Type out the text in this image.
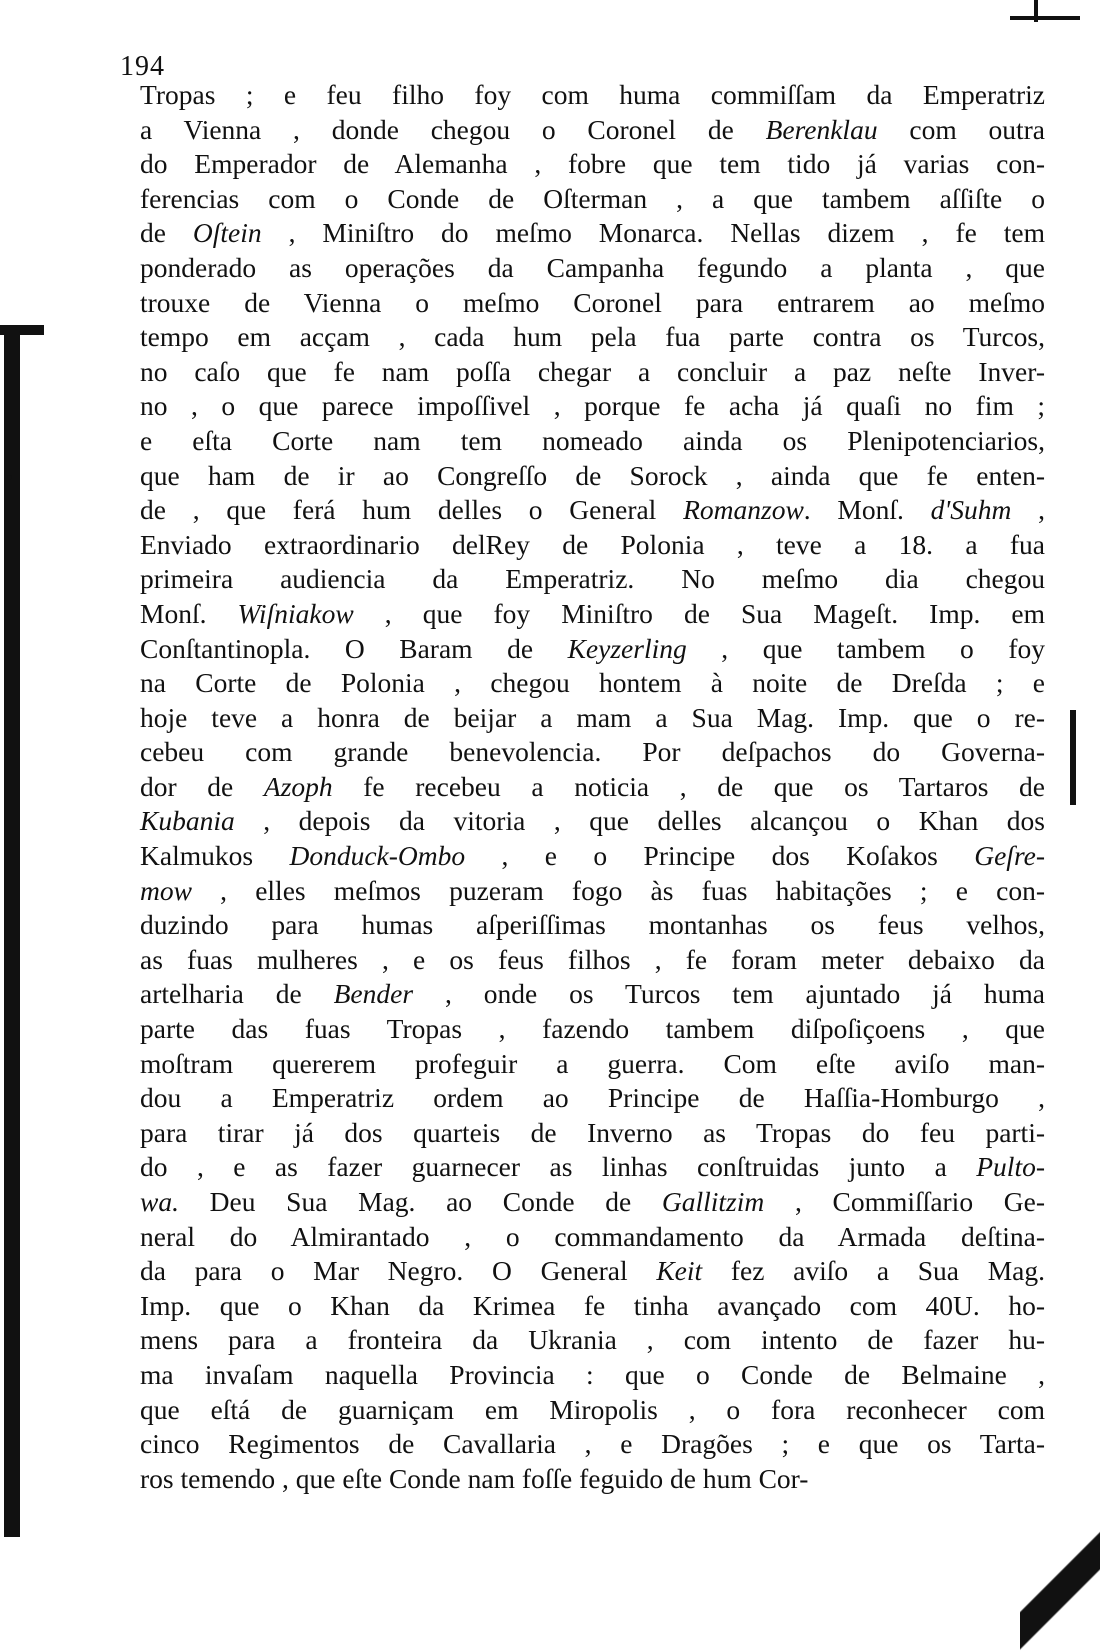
194
Tropas ; e feu filho foy com huma commiſſam da Emperatriz
a Vienna , donde chegou o Coronel de Berenklau com outra
do Emperador de Alemanha , fobre que tem tido já varias con-
ferencias com o Conde de Oſterman , a que tambem aſſiſte o
de Oſtein , Miniſtro do meſmo Monarca. Nellas dizem , fe tem
ponderado as operações da Campanha fegundo a planta , que
trouxe de Vienna o meſmo Coronel para entrarem ao meſmo
tempo em acçam , cada hum pela fua parte contra os Turcos,
no caſo que fe nam poſſa chegar a concluir a paz neſte Inver-
no , o que parece impoſſivel , porque fe acha já quaſi no fim ;
e eſta Corte nam tem nomeado ainda os Plenipotenciarios,
que ham de ir ao Congreſſo de Sorock , ainda que fe enten-
de , que ferá hum delles o General Romanzow. Monſ. d'Suhm ,
Enviado extraordinario delRey de Polonia , teve a 18. a fua
primeira audiencia da Emperatriz. No meſmo dia chegou
Monſ. Wiſniakow , que foy Miniſtro de Sua Mageſt. Imp. em
Conſtantinopla. O Baram de Keyzerling , que tambem o foy
na Corte de Polonia , chegou hontem à noite de Dreſda ; e
hoje teve a honra de beijar a mam a Sua Mag. Imp. que o re-
cebeu com grande benevolencia. Por deſpachos do Governa-
dor de Azoph fe recebeu a noticia , de que os Tartaros de
Kubania , depois da vitoria , que delles alcançou o Khan dos
Kalmukos Donduck-Ombo , e o Principe dos Koſakos Geſre-
mow , elles meſmos puzeram fogo às fuas habitações ; e con-
duzindo para humas aſperiſſimas montanhas os feus velhos,
as fuas mulheres , e os feus filhos , fe foram meter debaixo da
artelharia de Bender , onde os Turcos tem ajuntado já huma
parte das fuas Tropas , fazendo tambem diſpoſiçoens , que
moſtram quererem profeguir a guerra. Com eſte aviſo man-
dou a Emperatriz ordem ao Principe de Haſſia-Homburgo ,
para tirar já dos quarteis de Inverno as Tropas do feu parti-
do , e as fazer guarnecer as linhas conſtruidas junto a Pulto-
wa. Deu Sua Mag. ao Conde de Gallitzim , Commiſſario Ge-
neral do Almirantado , o commandamento da Armada deſtina-
da para o Mar Negro. O General Keit fez aviſo a Sua Mag.
Imp. que o Khan da Krimea fe tinha avançado com 40U. ho-
mens para a fronteira da Ukrania , com intento de fazer hu-
ma invaſam naquella Provincia : que o Conde de Belmaine ,
que eſtá de guarniçam em Miropolis , o fora reconhecer com
cinco Regimentos de Cavallaria , e Dragões ; e que os Tarta-
ros temendo , que eſte Conde nam foſſe feguido de hum Cor-
